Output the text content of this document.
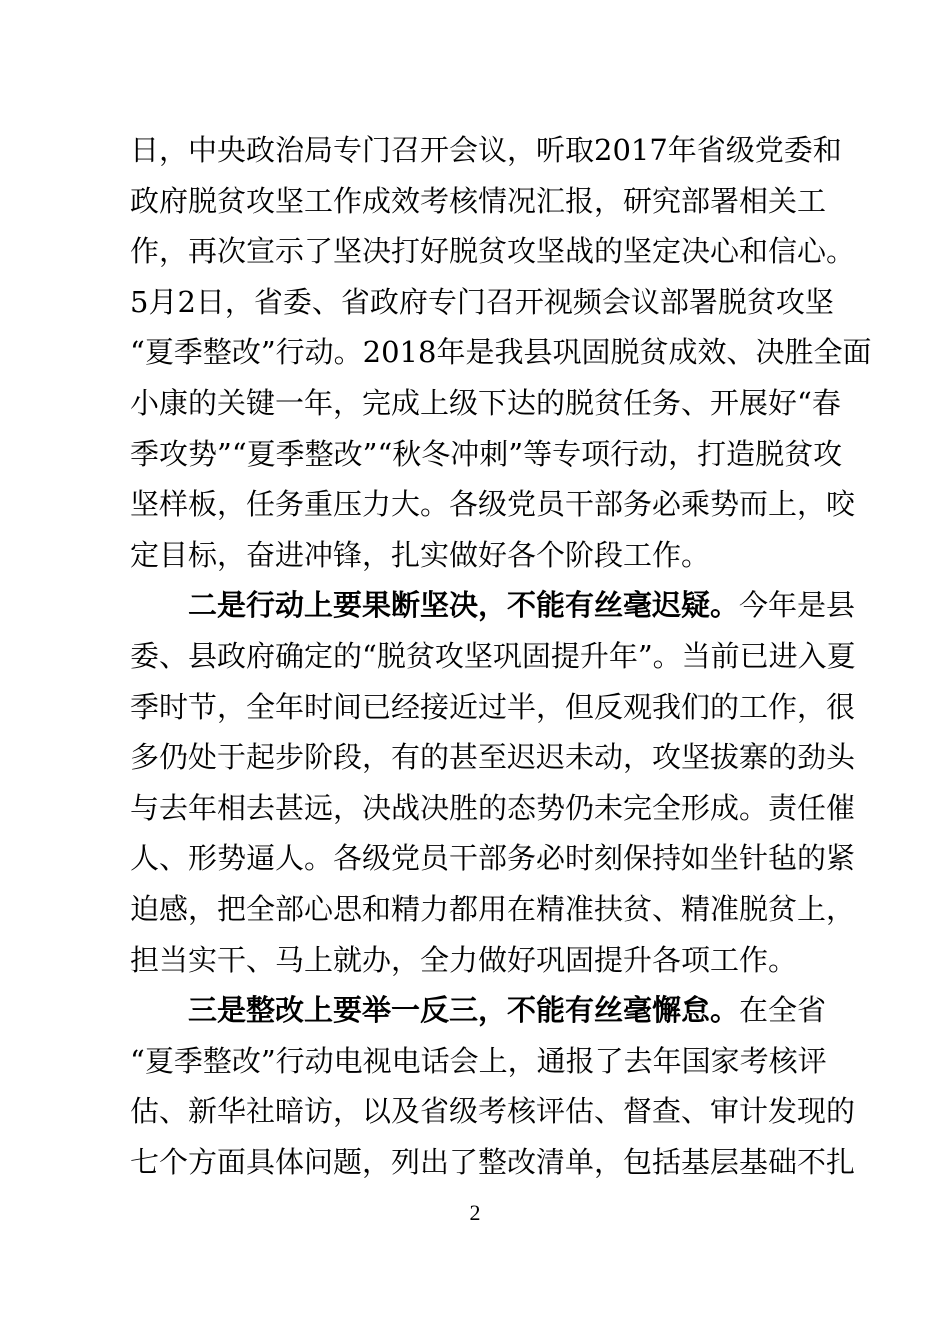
日，中央政治局专门召开会议，听取2017年省级党委和
政府脱贫攻坚工作成效考核情况汇报，研究部署相关工
作，再次宣示了坚决打好脱贫攻坚战的坚定决心和信心。
5月2日，省委、省政府专门召开视频会议部署脱贫攻坚
“夏季整改”行动。2018年是我县巩固脱贫成效、决胜全面
小康的关键一年，完成上级下达的脱贫任务、开展好“春
季攻势”“夏季整改”“秋冬冲刺”等专项行动，打造脱贫攻
坚样板，任务重压力大。各级党员干部务必乘势而上，咬
定目标，奋进冲锋，扎实做好各个阶段工作。
二是行动上要果断坚决，不能有丝毫迟疑。今年是县
委、县政府确定的“脱贫攻坚巩固提升年”。当前已进入夏
季时节，全年时间已经接近过半，但反观我们的工作，很
多仍处于起步阶段，有的甚至迟迟未动，攻坚拔寨的劲头
与去年相去甚远，决战决胜的态势仍未完全形成。责任催
人、形势逼人。各级党员干部务必时刻保持如坐针毡的紧
迫感，把全部心思和精力都用在精准扶贫、精准脱贫上，
担当实干、马上就办，全力做好巩固提升各项工作。
三是整改上要举一反三，不能有丝毫懈怠。在全省
“夏季整改”行动电视电话会上，通报了去年国家考核评
估、新华社暗访，以及省级考核评估、督查、审计发现的
七个方面具体问题，列出了整改清单，包括基层基础不扎
2
